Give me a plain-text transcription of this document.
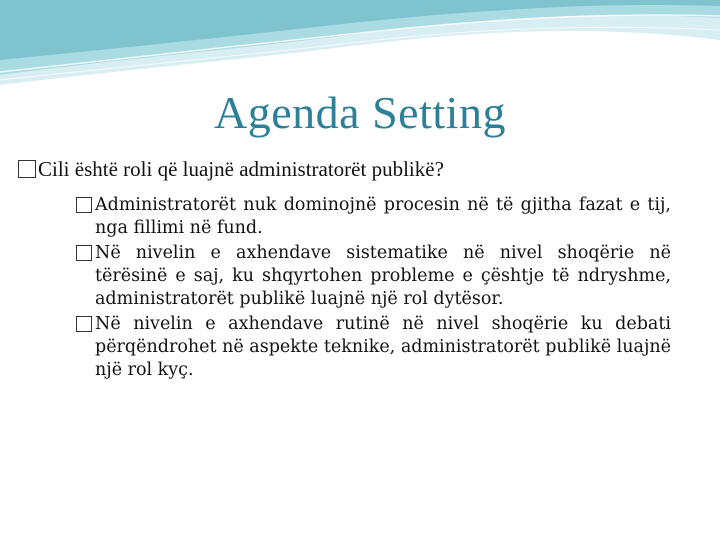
Agenda Setting
Cili është roli që luajnë administratorët publikë?
Administratorët nuk dominojnë procesin në të gjitha fazat e tij, nga fillimi në fund.
Në nivelin e axhendave sistematike në nivel shoqërie në tërësinë e saj, ku shqyrtohen probleme e çështje të ndryshme, administratorët publikë luajnë një rol dytësor.
Në nivelin e axhendave rutinë në nivel shoqërie ku debati përqëndrohet në aspekte teknike, administratorët publikë luajnë një rol kyç.
